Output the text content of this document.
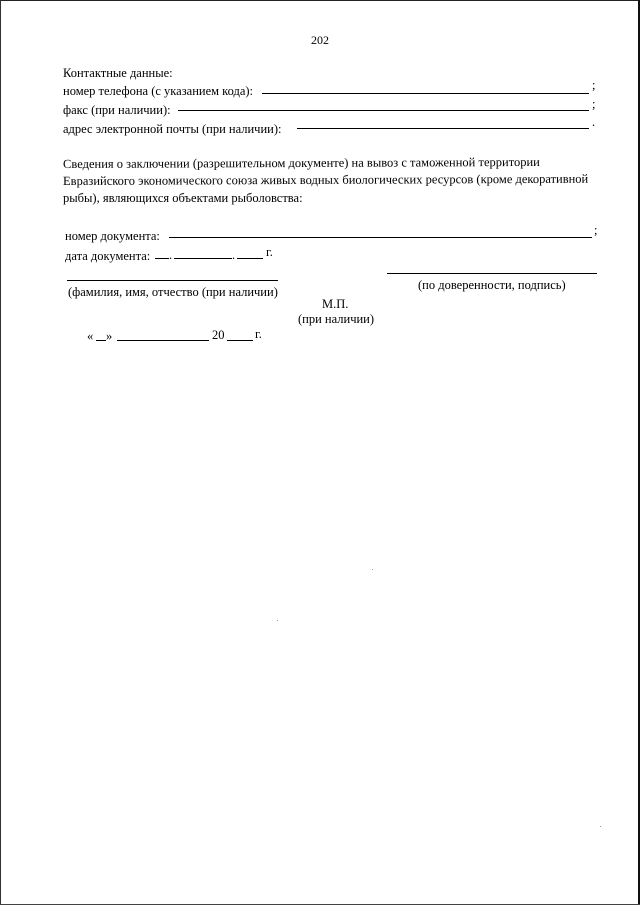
202
Контактные данные:
номер телефона (с указанием кода):	;
факс (при наличии):	;
адрес электронной почты (при наличии):	.
Сведения о заключении (разрешительном документе) на вывоз с таможенной территории
Евразийского экономического союза живых водных биологических ресурсов (кроме декоративной
рыбы), являющихся объектами рыболовства:
номер документа:	;
дата документа: .	. г.
(фамилия, имя, отчество (при наличии)	(по доверенности, подпись)
М.П.
(при наличии)
« »	20 г.
